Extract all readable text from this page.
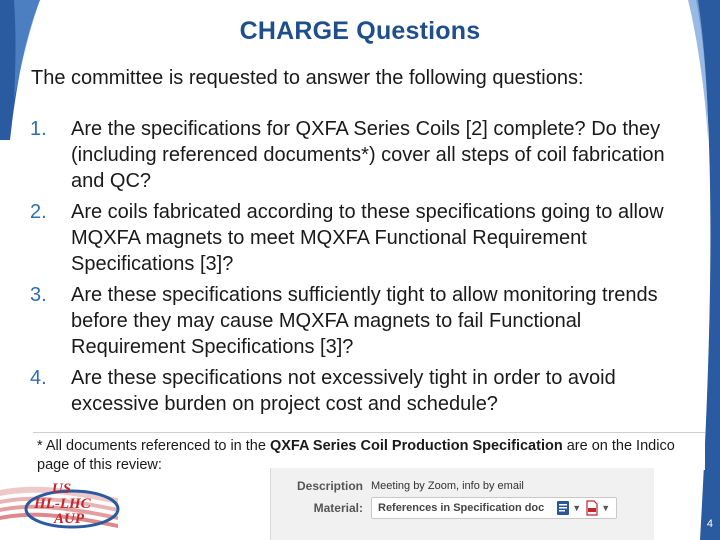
CHARGE Questions

The committee is requested to answer the following questions:

1. Are the specifications for QXFA Series Coils [2] complete? Do they (including referenced documents*) cover all steps of coil fabrication and QC?
2. Are coils fabricated according to these specifications going to allow MQXFA magnets to meet MQXFA Functional Requirement Specifications [3]?
3. Are these specifications sufficiently tight to allow monitoring trends before they may cause MQXFA magnets to fail Functional Requirement Specifications [3]?
4. Are these specifications not excessively tight in order to avoid excessive burden on project cost and schedule?
* All documents referenced to in the QXFA Series Coil Production Specification are on the Indico page of this review:
US
HL-LHC
AUP
Description Meeting by Zoom, info by email
Material:	References in Specification doc	▼ ▼
4
